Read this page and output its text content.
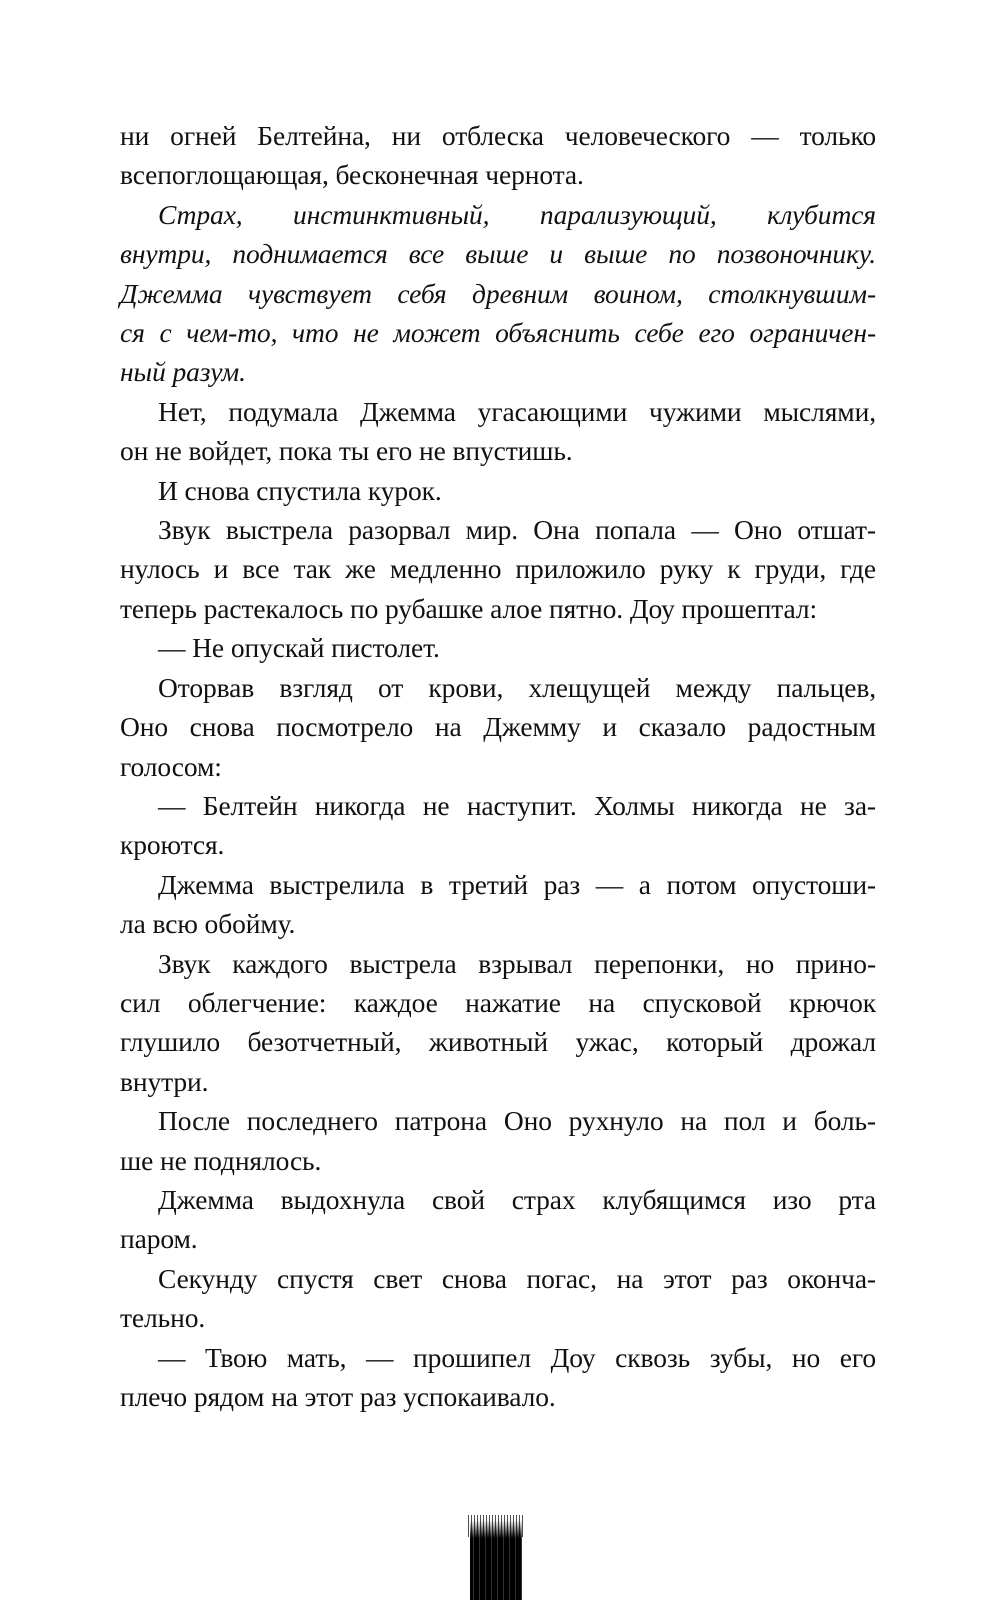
ни огней Белтейна, ни отблеска человеческого — только
всепоглощающая, бесконечная чернота.
Страх, инстинктивный, парализующий, клубится
внутри, поднимается все выше и выше по позвоночнику.
Джемма чувствует себя древним воином, столкнувшим-
ся с чем-то, что не может объяснить себе его ограничен-
ный разум.
Нет, подумала Джемма угасающими чужими мыслями,
он не войдет, пока ты его не впустишь.
И снова спустила курок.
Звук выстрела разорвал мир. Она попала — Оно отшат-
нулось и все так же медленно приложило руку к груди, где
теперь растекалось по рубашке алое пятно. Доу прошептал:
— Не опускай пистолет.
Оторвав взгляд от крови, хлещущей между пальцев,
Оно снова посмотрело на Джемму и сказало радостным
голосом:
— Белтейн никогда не наступит. Холмы никогда не за-
кроются.
Джемма выстрелила в третий раз — а потом опустоши-
ла всю обойму.
Звук каждого выстрела взрывал перепонки, но прино-
сил облегчение: каждое нажатие на спусковой крючок
глушило безотчетный, животный ужас, который дрожал
внутри.
После последнего патрона Оно рухнуло на пол и боль-
ше не поднялось.
Джемма выдохнула свой страх клубящимся изо рта
паром.
Секунду спустя свет снова погас, на этот раз оконча-
тельно.
— Твою мать, — прошипел Доу сквозь зубы, но его
плечо рядом на этот раз успокаивало.
